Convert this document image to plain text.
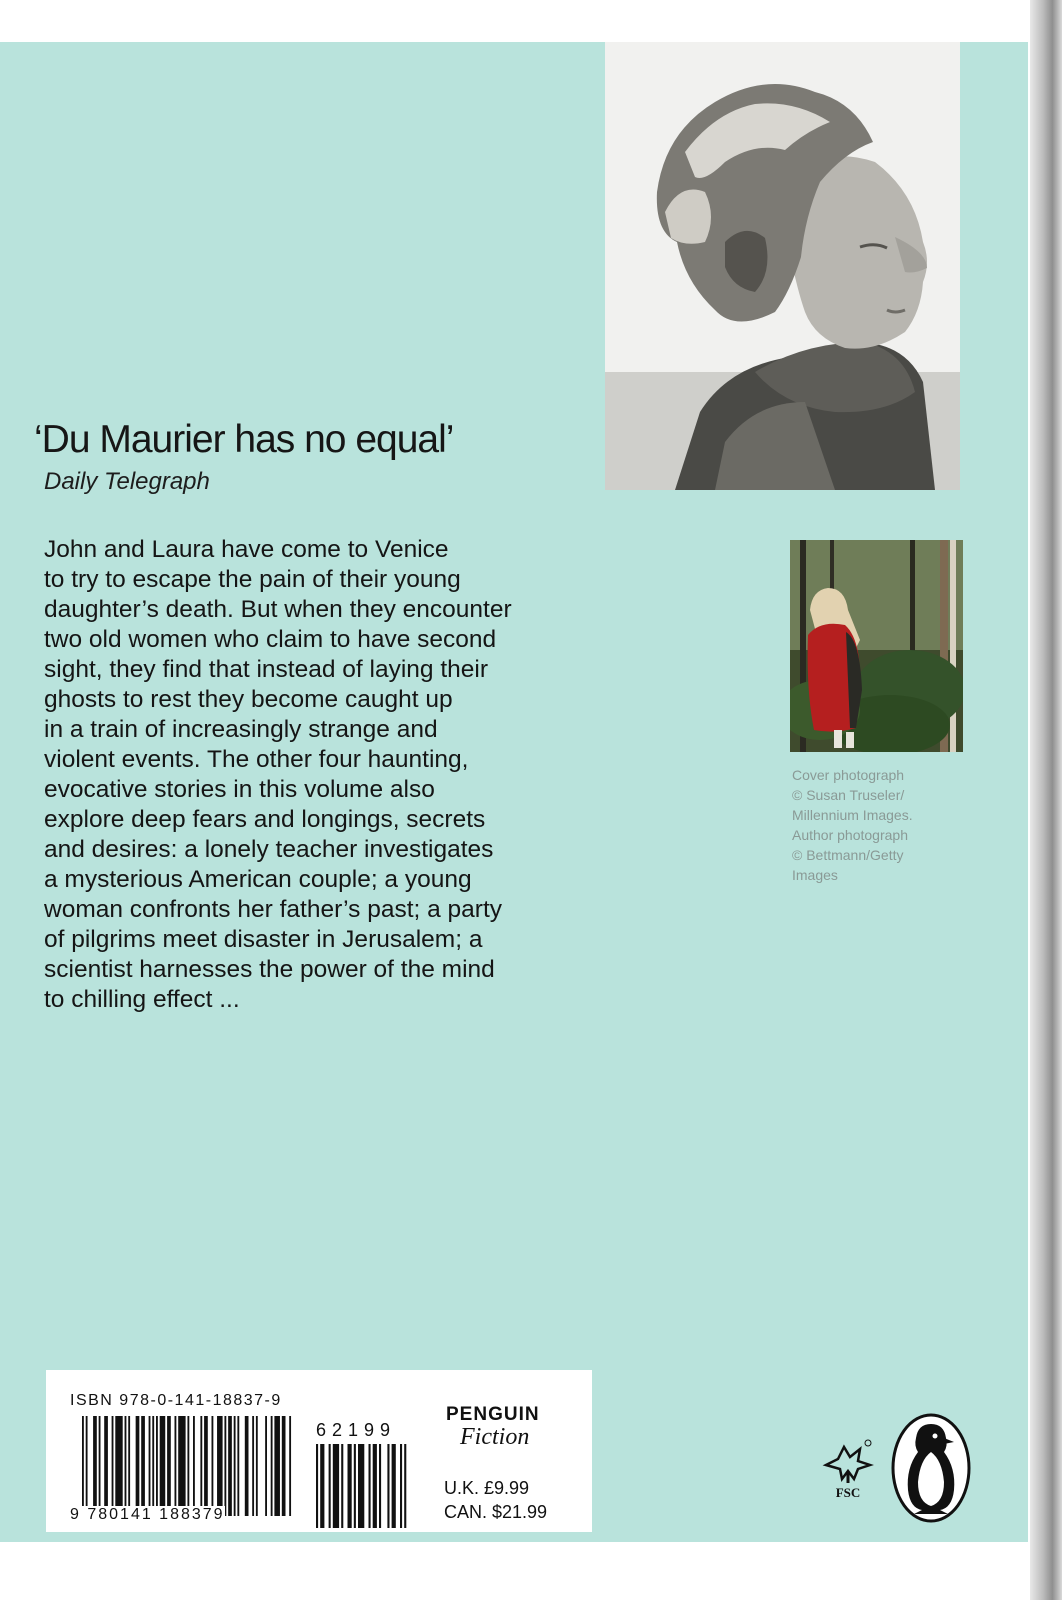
‘Du Maurier has no equal’
Daily Telegraph
John and Laura have come to Venice
to try to escape the pain of their young
daughter’s death. But when they encounter
two old women who claim to have second
sight, they find that instead of laying their
ghosts to rest they become caught up
in a train of increasingly strange and
violent events. The other four haunting,
evocative stories in this volume also
explore deep fears and longings, secrets
and desires: a lonely teacher investigates
a mysterious American couple; a young
woman confronts her father’s past; a party
of pilgrims meet disaster in Jerusalem; a
scientist harnesses the power of the mind
to chilling effect ...
Cover photograph
© Susan Truseler/
Millennium Images.
Author photograph
© Bettmann/Getty
Images
ISBN 978-0-141-18837-9
9 780141 188379
62199
PENGUIN
Fiction
U.K. £9.99
CAN. $21.99
FSC
